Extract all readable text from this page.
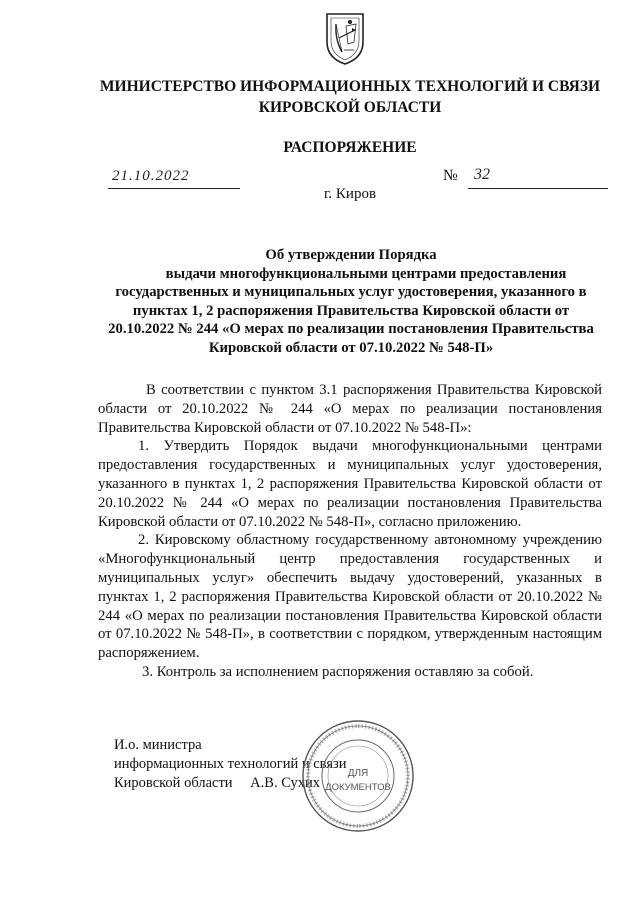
МИНИСТЕРСТВО ИНФОРМАЦИОННЫХ ТЕХНОЛОГИЙ И СВЯЗИ
КИРОВСКОЙ ОБЛАСТИ
РАСПОРЯЖЕНИЕ
21.10.2022	№ 32
г. Киров
Об утверждении Порядка
выдачи многофункциональными центрами предоставления
государственных и муниципальных услуг удостоверения, указанного в
пунктах 1, 2 распоряжения Правительства Кировской области от
20.10.2022 № 244 «О мерах по реализации постановления Правительства
Кировской области от 07.10.2022 № 548-П»

В соответствии с пунктом 3.1 распоряжения Правительства Кировской области от 20.10.2022 № 244 «О мерах по реализации постановления Правительства Кировской области от 07.10.2022 № 548-П»:

1. Утвердить Порядок выдачи многофункциональными центрами предоставления государственных и муниципальных услуг удостоверения, указанного в пунктах 1, 2 распоряжения Правительства Кировской области от 20.10.2022 № 244 «О мерах по реализации постановления Правительства Кировской области от 07.10.2022 № 548-П», согласно приложению.

2. Кировскому областному государственному автономному учреждению «Многофункциональный центр предоставления государственных и муниципальных услуг» обеспечить выдачу удостоверений, указанных в пунктах 1, 2 распоряжения Правительства Кировской области от 20.10.2022 № 244 «О мерах по реализации постановления Правительства Кировской области от 07.10.2022 № 548-П», в соответствии с порядком, утвержденным настоящим распоряжением.

3. Контроль за исполнением распоряжения оставляю за собой.

И.о. министра
информационных технологий и связи
Кировской области А.В. Сухих
ДЛЯ
ДОКУМЕНТОВ
